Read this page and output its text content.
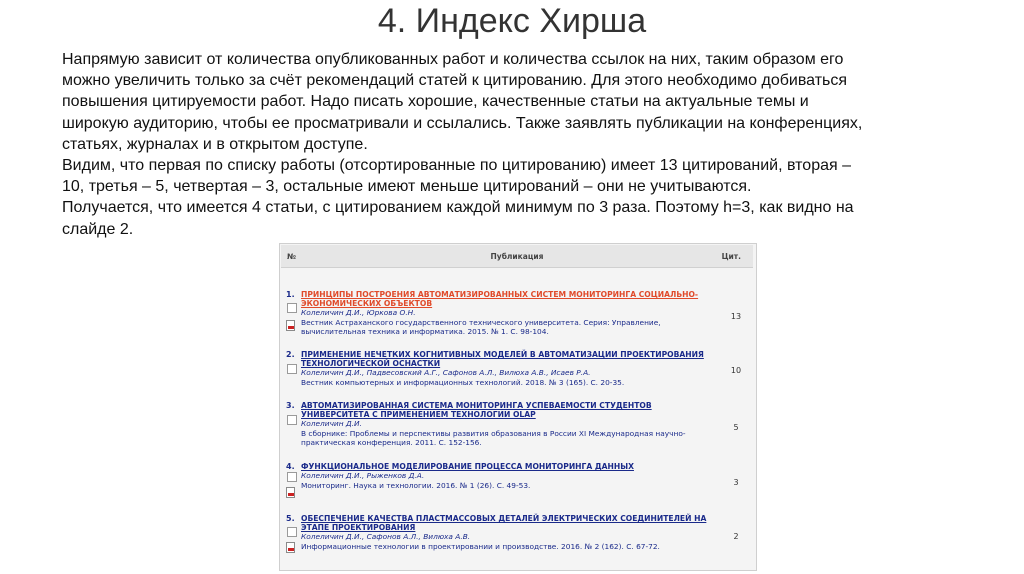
4. Индекс Хирша

Напрямую зависит от количества опубликованных работ и количества ссылок на них, таким образом его

можно увеличить только за счёт рекомендаций статей к цитированию. Для этого необходимо добиваться

повышения цитируемости работ. Надо писать хорошие, качественные статьи на актуальные темы и

широкую аудиторию, чтобы ее просматривали и ссылались. Также заявлять публикации на конференциях,

статьях, журналах и в открытом доступе.

Видим, что первая по списку работы (отсортированные по цитированию) имеет 13 цитирований, вторая –

10, третья – 5, четвертая – 3, остальные имеют меньше цитирований – они не учитываются.

Получается, что имеется 4 статьи, с цитированием каждой минимум по 3 раза. Поэтому h=3, как видно на

слайде 2.

№	Публикация	Цит.
1. ПРИНЦИПЫ ПОСТРОЕНИЯ АВТОМАТИЗИРОВАННЫХ СИСТЕМ МОНИТОРИНГА СОЦИАЛЬНО-
ЭКОНОМИЧЕСКИХ ОБЪЕКТОВ
Колеличин Д.И., Юркова О.Н.
Вестник Астраханского государственного технического университета. Серия: Управление,
вычислительная техника и информатика. 2015. № 1. С. 98-104.
13
2. ПРИМЕНЕНИЕ НЕЧЕТКИХ КОГНИТИВНЫХ МОДЕЛЕЙ В АВТОМАТИЗАЦИИ ПРОЕКТИРОВАНИЯ
ТЕХНОЛОГИЧЕСКОЙ ОСНАСТКИ
Колеличин Д.И., Падвесовский А.Г., Сафонов А.Л., Вилюха А.В., Исаев Р.А.
Вестник компьютерных и информационных технологий. 2018. № 3 (165). С. 20-35.
10
3. АВТОМАТИЗИРОВАННАЯ СИСТЕМА МОНИТОРИНГА УСПЕВАЕМОСТИ СТУДЕНТОВ
УНИВЕРСИТЕТА С ПРИМЕНЕНИЕМ ТЕХНОЛОГИИ OLAP
Колеличин Д.И.
В сборнике: Проблемы и перспективы развития образования в России XI Международная научно-
практическая конференция. 2011. С. 152-156.
5
4. ФУНКЦИОНАЛЬНОЕ МОДЕЛИРОВАНИЕ ПРОЦЕССА МОНИТОРИНГА ДАННЫХ
Колеличин Д.И., Рыженков Д.А.
Мониторинг. Наука и технологии. 2016. № 1 (26). С. 49-53.	3
5. ОБЕСПЕЧЕНИЕ КАЧЕСТВА ПЛАСТМАССОВЫХ ДЕТАЛЕЙ ЭЛЕКТРИЧЕСКИХ СОЕДИНИТЕЛЕЙ НА
ЭТАПЕ ПРОЕКТИРОВАНИЯ
Колеличин Д.И., Сафонов А.Л., Вилюха А.В.
Информационные технологии в проектировании и производстве. 2016. № 2 (162). С. 67-72.
2
